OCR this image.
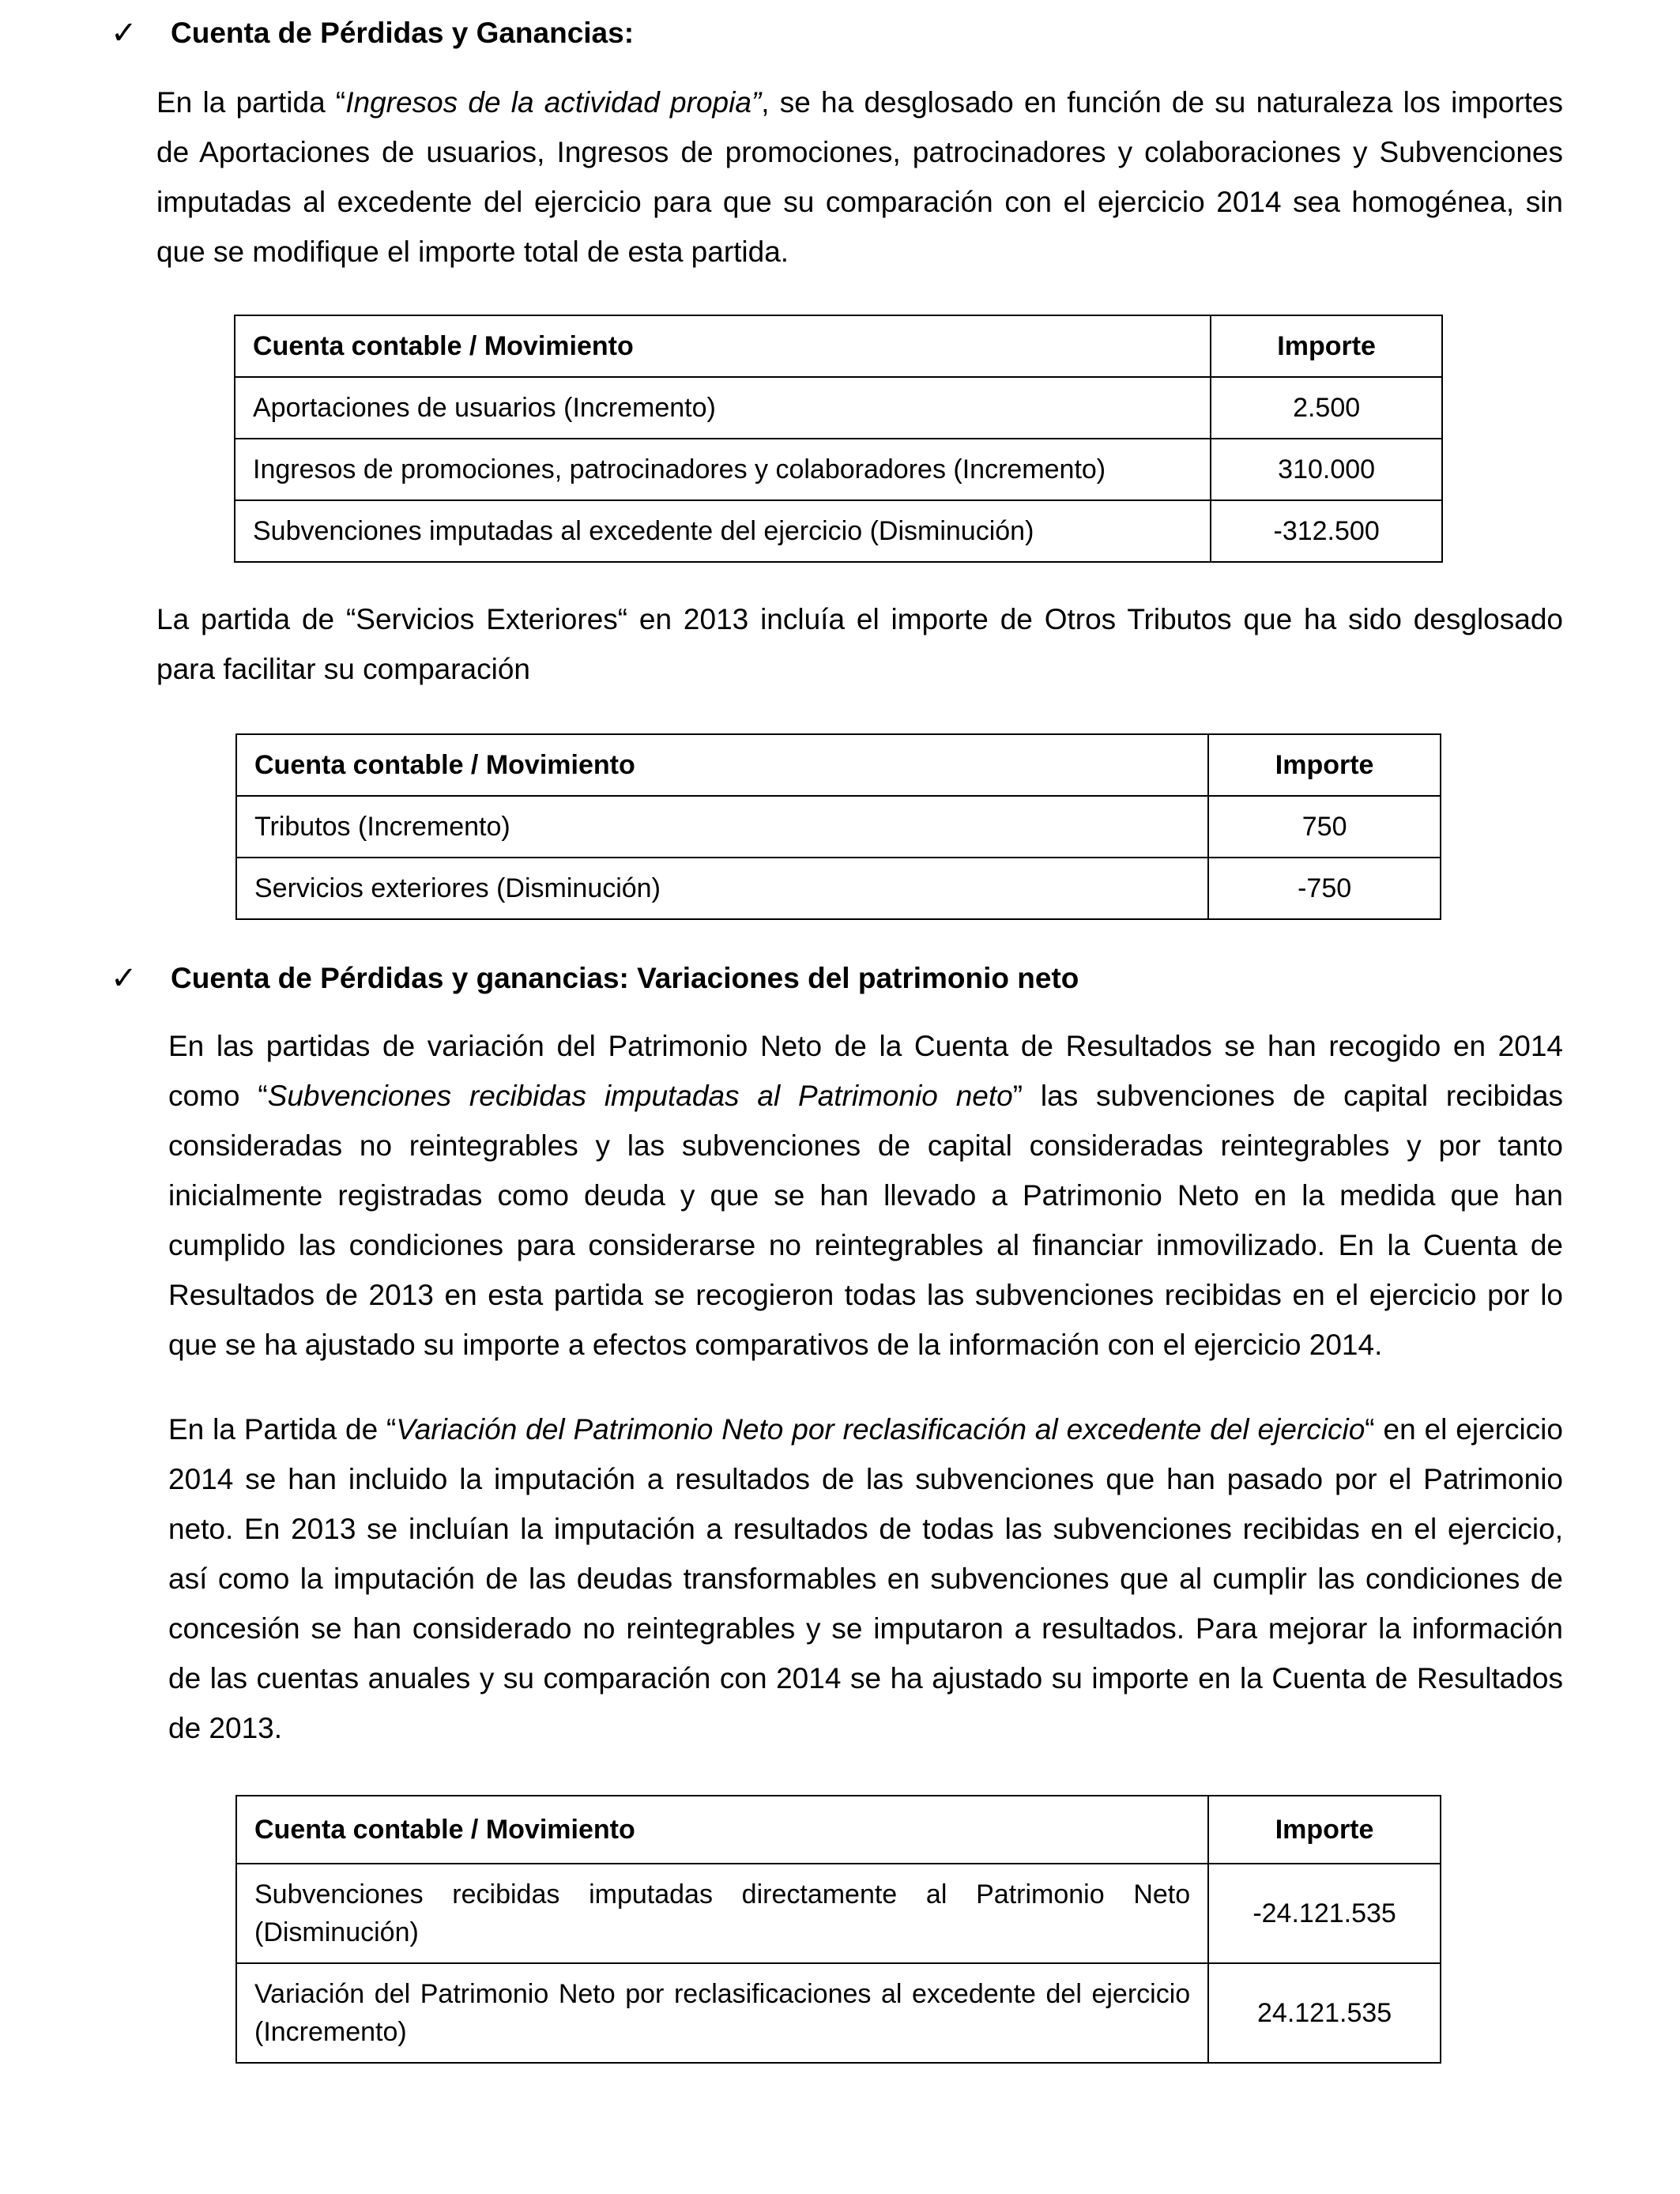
✓	Cuenta de Pérdidas y Ganancias:

En la partida “Ingresos de la actividad propia”, se ha desglosado en función de su naturaleza los importes de Aportaciones de usuarios, Ingresos de promociones, patrocinadores y colaboraciones y Subvenciones imputadas al excedente del ejercicio para que su comparación con el ejercicio 2014 sea homogénea, sin que se modifique el importe total de esta partida.

Cuenta contable / Movimiento	Importe
Aportaciones de usuarios (Incremento)	2.500
Ingresos de promociones, patrocinadores y colaboradores (Incremento)	310.000
Subvenciones imputadas al excedente del ejercicio (Disminución)	-312.500

La partida de “Servicios Exteriores“ en 2013 incluía el importe de Otros Tributos que ha sido desglosado para facilitar su comparación

Cuenta contable / Movimiento	Importe
Tributos (Incremento)	750
Servicios exteriores (Disminución)	-750
✓	Cuenta de Pérdidas y ganancias: Variaciones del patrimonio neto

En las partidas de variación del Patrimonio Neto de la Cuenta de Resultados se han recogido en 2014 como “Subvenciones recibidas imputadas al Patrimonio neto” las subvenciones de capital recibidas consideradas no reintegrables y las subvenciones de capital consideradas reintegrables y por tanto inicialmente registradas como deuda y que se han llevado a Patrimonio Neto en la medida que han cumplido las condiciones para considerarse no reintegrables al financiar inmovilizado. En la Cuenta de Resultados de 2013 en esta partida se recogieron todas las subvenciones recibidas en el ejercicio por lo que se ha ajustado su importe a efectos comparativos de la información con el ejercicio 2014.

En la Partida de “Variación del Patrimonio Neto por reclasificación al excedente del ejercicio“ en el ejercicio 2014 se han incluido la imputación a resultados de las subvenciones que han pasado por el Patrimonio neto. En 2013 se incluían la imputación a resultados de todas las subvenciones recibidas en el ejercicio, así como la imputación de las deudas transformables en subvenciones que al cumplir las condiciones de concesión se han considerado no reintegrables y se imputaron a resultados. Para mejorar la información de las cuentas anuales y su comparación con 2014 se ha ajustado su importe en la Cuenta de Resultados de 2013.

Cuenta contable / Movimiento	Importe
Subvenciones recibidas imputadas directamente al Patrimonio Neto (Disminución)	-24.121.535
Variación del Patrimonio Neto por reclasificaciones al excedente del ejercicio (Incremento)	24.121.535
